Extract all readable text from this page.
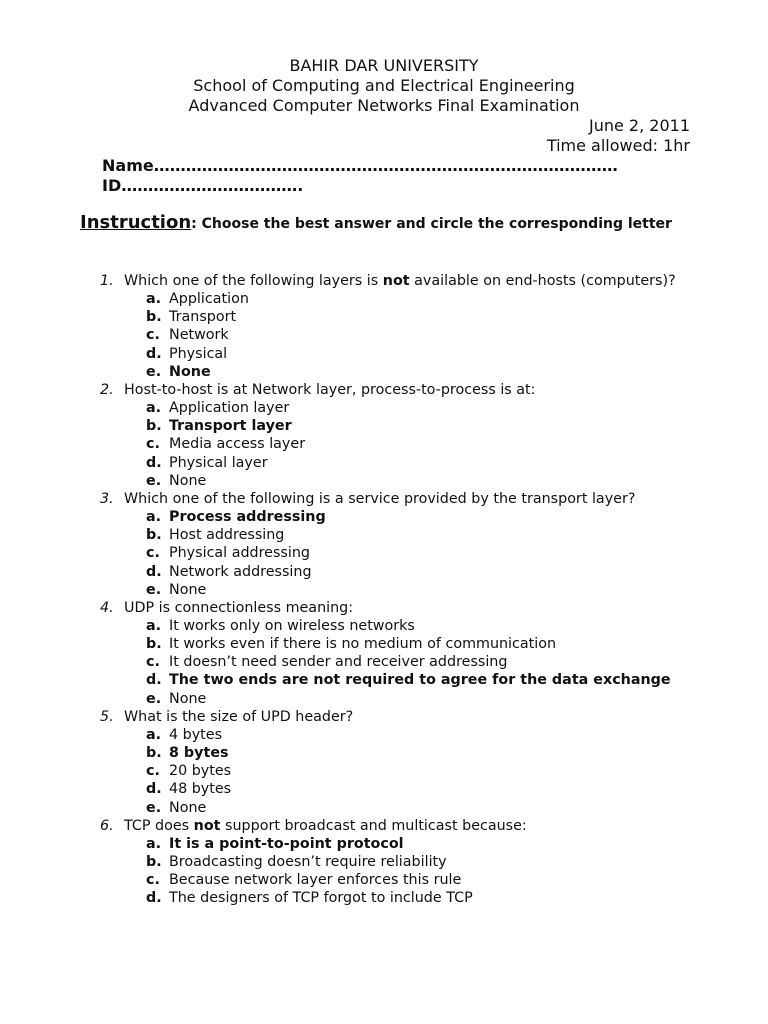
BAHIR DAR UNIVERSITY
School of Computing and Electrical Engineering
Advanced Computer Networks Final Examination
June 2, 2011
Time allowed: 1hr
Name……………………………………………………………………………
ID…………………………….
Instruction: Choose the best answer and circle the corresponding letter
1. Which one of the following layers is not available on end-hosts (computers)?
a. Application
b. Transport
c. Network
d. Physical
e. None
2. Host-to-host is at Network layer, process-to-process is at:
a. Application layer
b. Transport layer
c. Media access layer
d. Physical layer
e. None
3. Which one of the following is a service provided by the transport layer?
a. Process addressing
b. Host addressing
c. Physical addressing
d. Network addressing
e. None
4. UDP is connectionless meaning:
a. It works only on wireless networks
b. It works even if there is no medium of communication
c. It doesn’t need sender and receiver addressing
d. The two ends are not required to agree for the data exchange
e. None
5. What is the size of UPD header?
a. 4 bytes
b. 8 bytes
c. 20 bytes
d. 48 bytes
e. None
6. TCP does not support broadcast and multicast because:
a. It is a point-to-point protocol
b. Broadcasting doesn’t require reliability
c. Because network layer enforces this rule
d. The designers of TCP forgot to include TCP
